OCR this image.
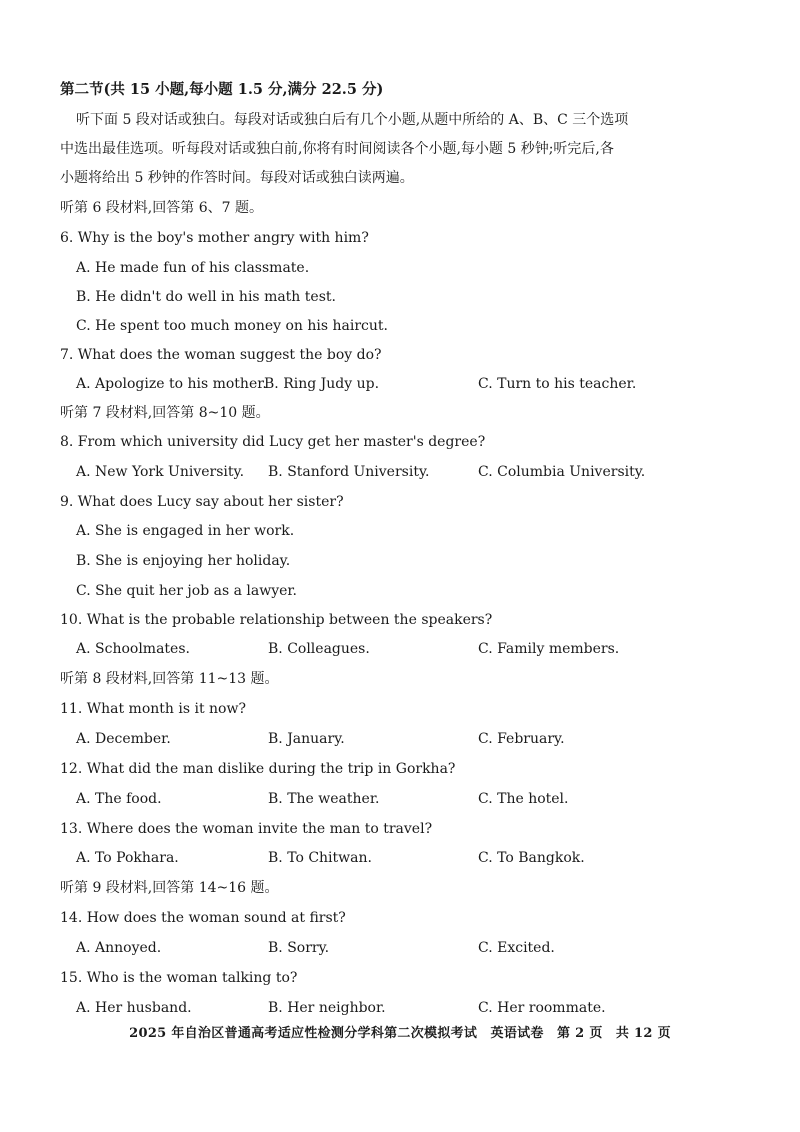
第二节(共 15 小题,每小题 1.5 分,满分 22.5 分)
听下面 5 段对话或独白。每段对话或独白后有几个小题,从题中所给的 A、B、C 三个选项
中选出最佳选项。听每段对话或独白前,你将有时间阅读各个小题,每小题 5 秒钟;听完后,各
小题将给出 5 秒钟的作答时间。每段对话或独白读两遍。
听第 6 段材料,回答第 6、7 题。
6. Why is the boy's mother angry with him?
A. He made fun of his classmate.
B. He didn't do well in his math test.
C. He spent too much money on his haircut.
7. What does the woman suggest the boy do?
A. Apologize to his mother.
B. Ring Judy up.	C. Turn to his teacher.
听第 7 段材料,回答第 8~10 题。
8. From which university did Lucy get her master's degree?
A. New York University. B. Stanford University.	C. Columbia University.
9. What does Lucy say about her sister?
A. She is engaged in her work.
B. She is enjoying her holiday.
C. She quit her job as a lawyer.
10. What is the probable relationship between the speakers?
A. Schoolmates.	B. Colleagues.	C. Family members.
听第 8 段材料,回答第 11~13 题。
11. What month is it now?
A. December.	B. January.	C. February.
12. What did the man dislike during the trip in Gorkha?
A. The food.	B. The weather.	C. The hotel.
13. Where does the woman invite the man to travel?
A. To Pokhara.	B. To Chitwan.	C. To Bangkok.
听第 9 段材料,回答第 14~16 题。
14. How does the woman sound at first?
A. Annoyed.	B. Sorry.	C. Excited.
15. Who is the woman talking to?
A. Her husband.	B. Her neighbor.	C. Her roommate.
2025 年自治区普通高考适应性检测分学科第二次模拟考试　英语试卷　第 2 页　共 12 页
